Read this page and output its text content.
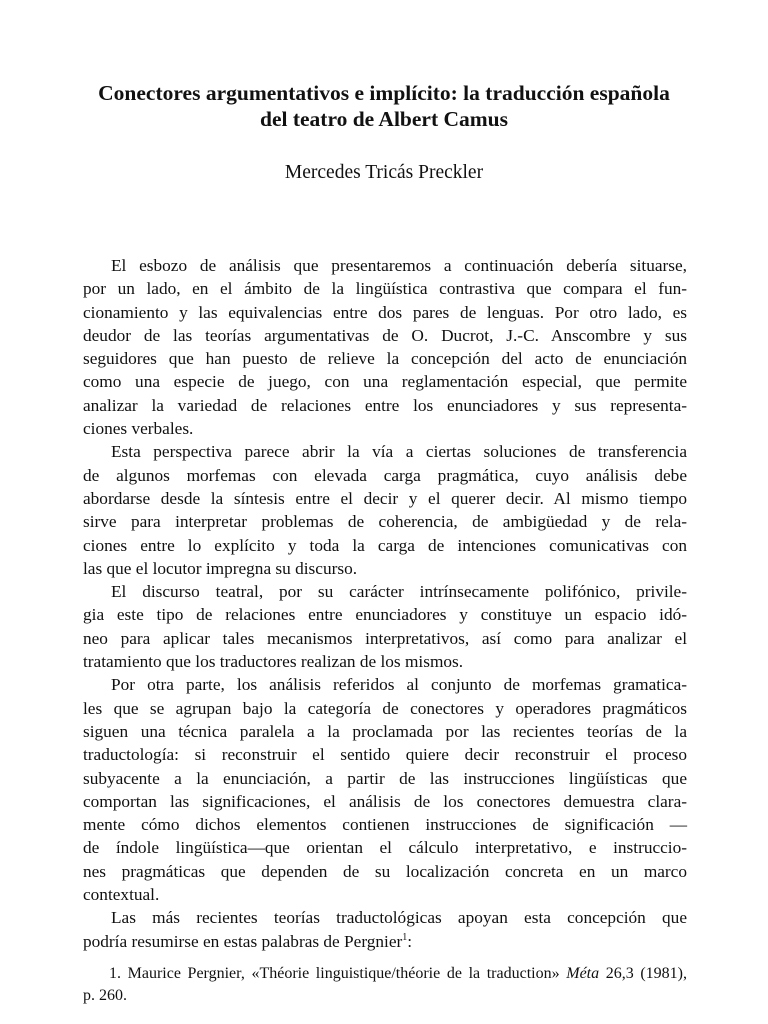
Conectores argumentativos e implícito: la traducción española
del teatro de Albert Camus

Mercedes Tricás Preckler

El esbozo de análisis que presentaremos a continuación debería situarse,
por un lado, en el ámbito de la lingüística contrastiva que compara el fun-
cionamiento y las equivalencias entre dos pares de lenguas. Por otro lado, es
deudor de las teorías argumentativas de O. Ducrot, J.-C. Anscombre y sus
seguidores que han puesto de relieve la concepción del acto de enunciación
como una especie de juego, con una reglamentación especial, que permite
analizar la variedad de relaciones entre los enunciadores y sus representa-
ciones verbales.

Esta perspectiva parece abrir la vía a ciertas soluciones de transferencia
de algunos morfemas con elevada carga pragmática, cuyo análisis debe
abordarse desde la síntesis entre el decir y el querer decir. Al mismo tiempo
sirve para interpretar problemas de coherencia, de ambigüedad y de rela-
ciones entre lo explícito y toda la carga de intenciones comunicativas con
las que el locutor impregna su discurso.

El discurso teatral, por su carácter intrínsecamente polifónico, privile-
gia este tipo de relaciones entre enunciadores y constituye un espacio idó-
neo para aplicar tales mecanismos interpretativos, así como para analizar el
tratamiento que los traductores realizan de los mismos.

Por otra parte, los análisis referidos al conjunto de morfemas gramatica-
les que se agrupan bajo la categoría de conectores y operadores pragmáticos
siguen una técnica paralela a la proclamada por las recientes teorías de la
traductología: si reconstruir el sentido quiere decir reconstruir el proceso
subyacente a la enunciación, a partir de las instrucciones lingüísticas que
comportan las significaciones, el análisis de los conectores demuestra clara-
mente cómo dichos elementos contienen instrucciones de significación —
de índole lingüística—que orientan el cálculo interpretativo, e instruccio-
nes pragmáticas que dependen de su localización concreta en un marco
contextual.

Las más recientes teorías traductológicas apoyan esta concepción que
podría resumirse en estas palabras de Pergnier$^1$:

1. Maurice Pergnier, «Théorie linguistique/théorie de la traduction» Méta 26,3 (1981),
p. 260.
